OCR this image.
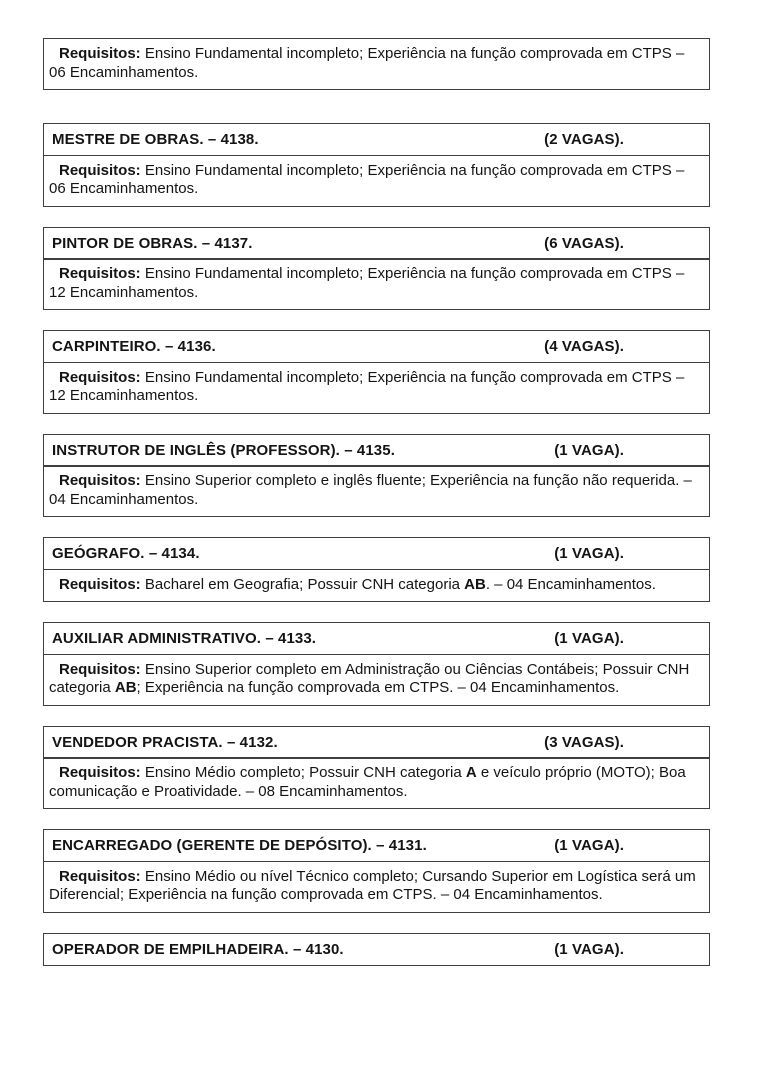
Requisitos: Ensino Fundamental incompleto; Experiência na função comprovada em CTPS – 06 Encaminhamentos.

MESTRE DE OBRAS. – 4138.	(2 VAGAS).

Requisitos: Ensino Fundamental incompleto; Experiência na função comprovada em CTPS – 06 Encaminhamentos.

PINTOR DE OBRAS. – 4137.	(6 VAGAS).

Requisitos: Ensino Fundamental incompleto; Experiência na função comprovada em CTPS – 12 Encaminhamentos.

CARPINTEIRO. – 4136.	(4 VAGAS).

Requisitos: Ensino Fundamental incompleto; Experiência na função comprovada em CTPS – 12 Encaminhamentos.

INSTRUTOR DE INGLÊS (PROFESSOR). – 4135.	(1 VAGA).

Requisitos: Ensino Superior completo e inglês fluente; Experiência na função não requerida. – 04 Encaminhamentos.

GEÓGRAFO. – 4134.	(1 VAGA).

Requisitos: Bacharel em Geografia; Possuir CNH categoria AB. – 04 Encaminhamentos.

AUXILIAR ADMINISTRATIVO. – 4133.	(1 VAGA).

Requisitos: Ensino Superior completo em Administração ou Ciências Contábeis; Possuir CNH categoria AB; Experiência na função comprovada em CTPS. – 04 Encaminhamentos.

VENDEDOR PRACISTA. – 4132.	(3 VAGAS).

Requisitos: Ensino Médio completo; Possuir CNH categoria A e veículo próprio (MOTO); Boa comunicação e Proatividade. – 08 Encaminhamentos.

ENCARREGADO (GERENTE DE DEPÓSITO). – 4131.	(1 VAGA).

Requisitos: Ensino Médio ou nível Técnico completo; Cursando Superior em Logística será um Diferencial; Experiência na função comprovada em CTPS. – 04 Encaminhamentos.

OPERADOR DE EMPILHADEIRA. – 4130.	(1 VAGA).
